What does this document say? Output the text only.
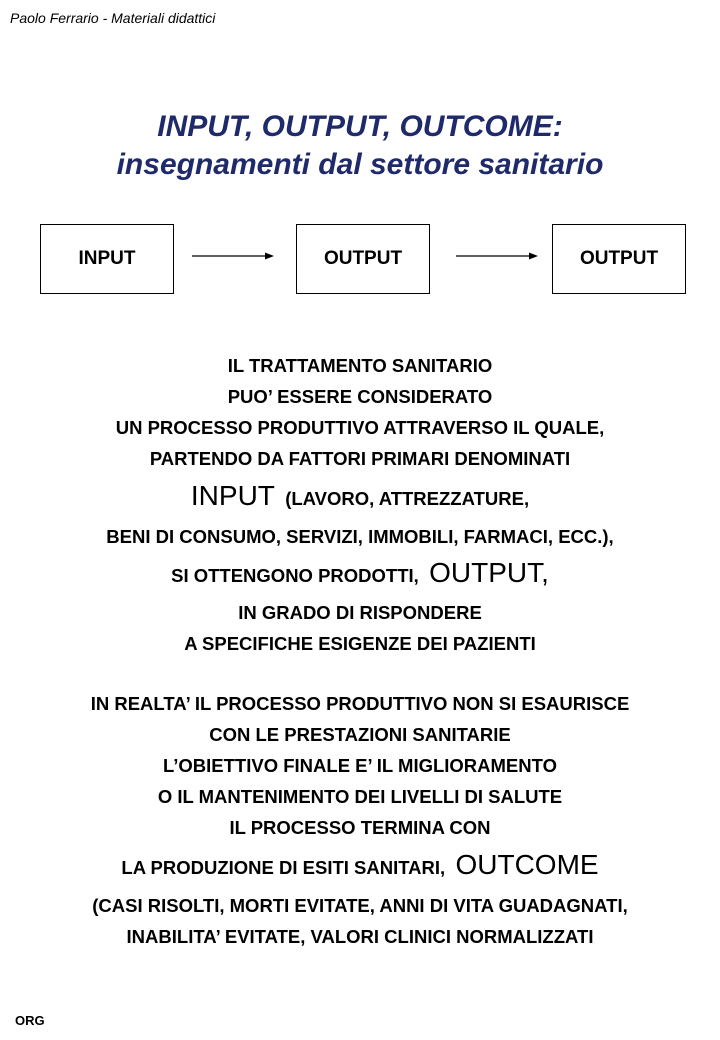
Paolo Ferrario - Materiali didattici
INPUT, OUTPUT, OUTCOME:
insegnamenti dal settore sanitario
INPUT	OUTPUT	OUTPUT
IL TRATTAMENTO SANITARIO
PUO’ ESSERE CONSIDERATO
UN PROCESSO PRODUTTIVO ATTRAVERSO IL QUALE,
PARTENDO DA FATTORI PRIMARI DENOMINATI
INPUT (LAVORO, ATTREZZATURE,
BENI DI CONSUMO, SERVIZI, IMMOBILI, FARMACI, ECC.),
SI OTTENGONO PRODOTTI, OUTPUT,
IN GRADO DI RISPONDERE
A SPECIFICHE ESIGENZE DEI PAZIENTI
IN REALTA’ IL PROCESSO PRODUTTIVO NON SI ESAURISCE
CON LE PRESTAZIONI SANITARIE
L’OBIETTIVO FINALE E’ IL MIGLIORAMENTO
O IL MANTENIMENTO DEI LIVELLI DI SALUTE
IL PROCESSO TERMINA CON
LA PRODUZIONE DI ESITI SANITARI, OUTCOME
(CASI RISOLTI, MORTI EVITATE, ANNI DI VITA GUADAGNATI,
INABILITA’ EVITATE, VALORI CLINICI NORMALIZZATI
ORG
